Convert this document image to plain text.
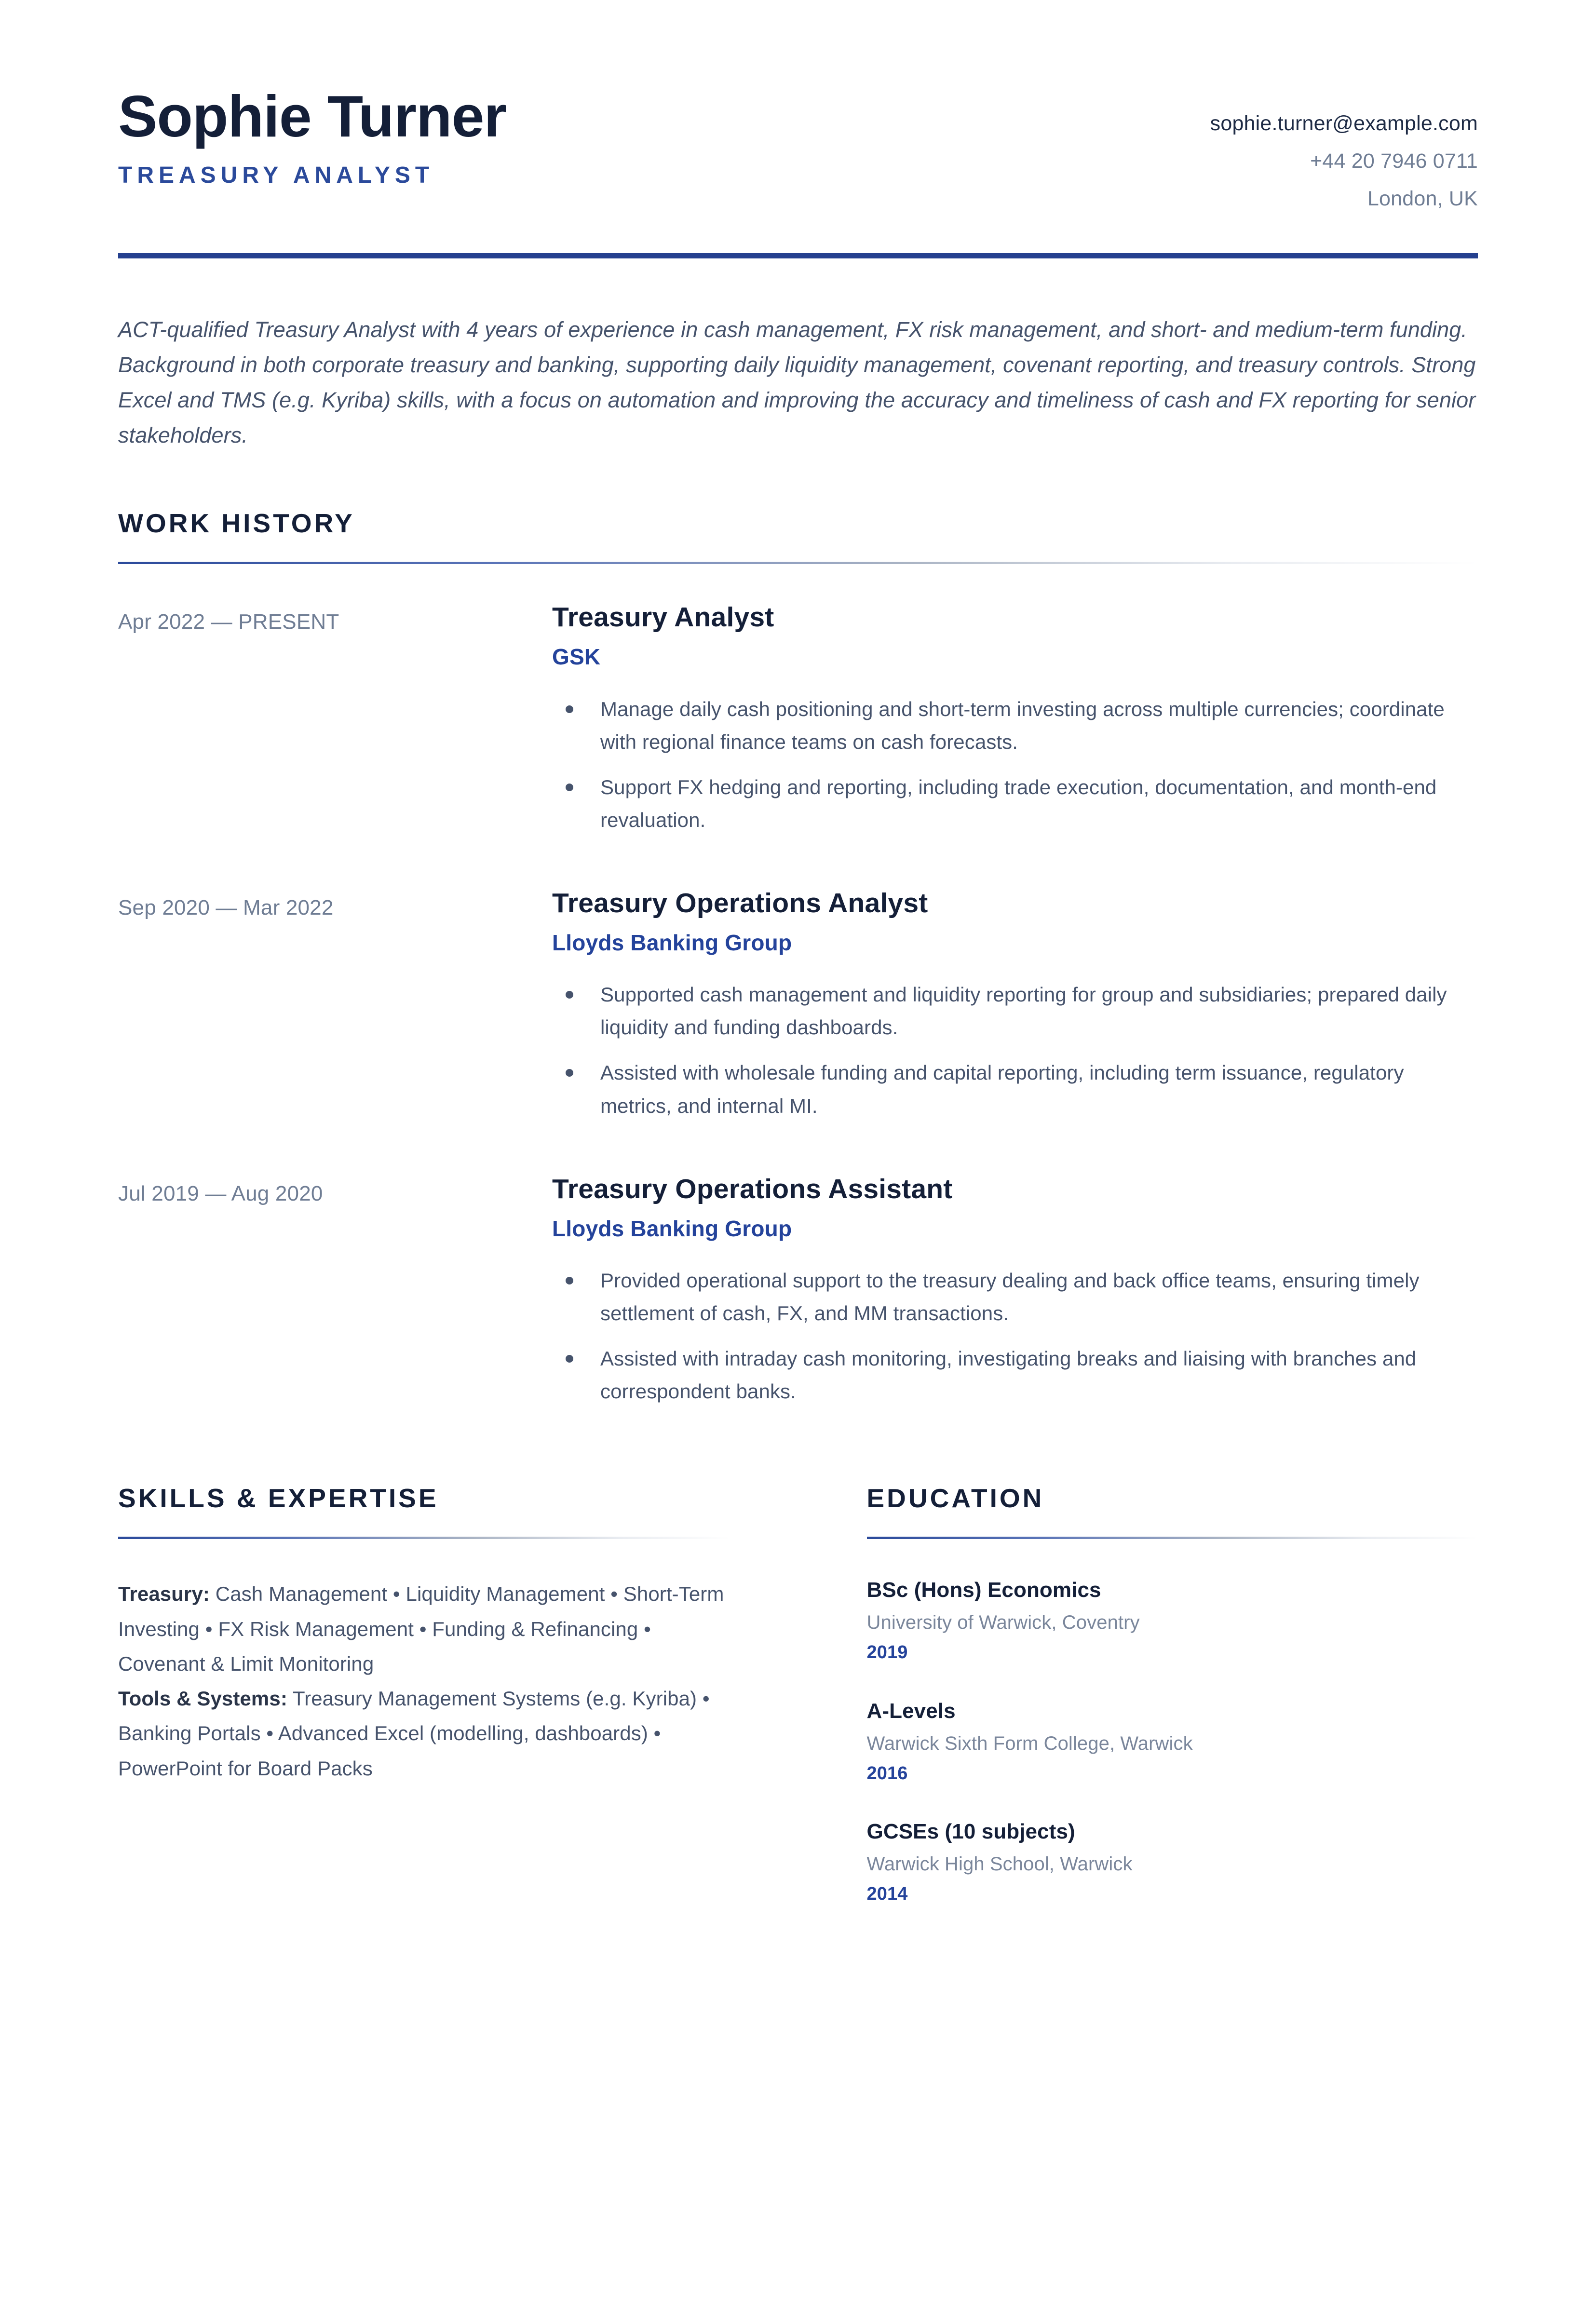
Sophie Turner
TREASURY ANALYST
sophie.turner@example.com
+44 20 7946 0711
London, UK
ACT-qualified Treasury Analyst with 4 years of experience in cash management, FX risk management, and short- and medium-term funding. Background in both corporate treasury and banking, supporting daily liquidity management, covenant reporting, and treasury controls. Strong Excel and TMS (e.g. Kyriba) skills, with a focus on automation and improving the accuracy and timeliness of cash and FX reporting for senior stakeholders.
WORK HISTORY
Apr 2022 — PRESENT	Treasury Analyst
GSK
Manage daily cash positioning and short-term investing across multiple currencies; coordinate with regional finance teams on cash forecasts.
Support FX hedging and reporting, including trade execution, documentation, and month-end revaluation.
Sep 2020 — Mar 2022	Treasury Operations Analyst
Lloyds Banking Group
Supported cash management and liquidity reporting for group and subsidiaries; prepared daily liquidity and funding dashboards.
Assisted with wholesale funding and capital reporting, including term issuance, regulatory metrics, and internal MI.
Jul 2019 — Aug 2020	Treasury Operations Assistant
Lloyds Banking Group
Provided operational support to the treasury dealing and back office teams, ensuring timely settlement of cash, FX, and MM transactions.
Assisted with intraday cash monitoring, investigating breaks and liaising with branches and correspondent banks.
SKILLS & EXPERTISE
Treasury: Cash Management • Liquidity Management • Short-Term Investing • FX Risk Management • Funding & Refinancing • Covenant & Limit Monitoring
Tools & Systems: Treasury Management Systems (e.g. Kyriba) • Banking Portals • Advanced Excel (modelling, dashboards) • PowerPoint for Board Packs
EDUCATION
BSc (Hons) Economics
University of Warwick, Coventry
2019
A-Levels
Warwick Sixth Form College, Warwick
2016
GCSEs (10 subjects)
Warwick High School, Warwick
2014
